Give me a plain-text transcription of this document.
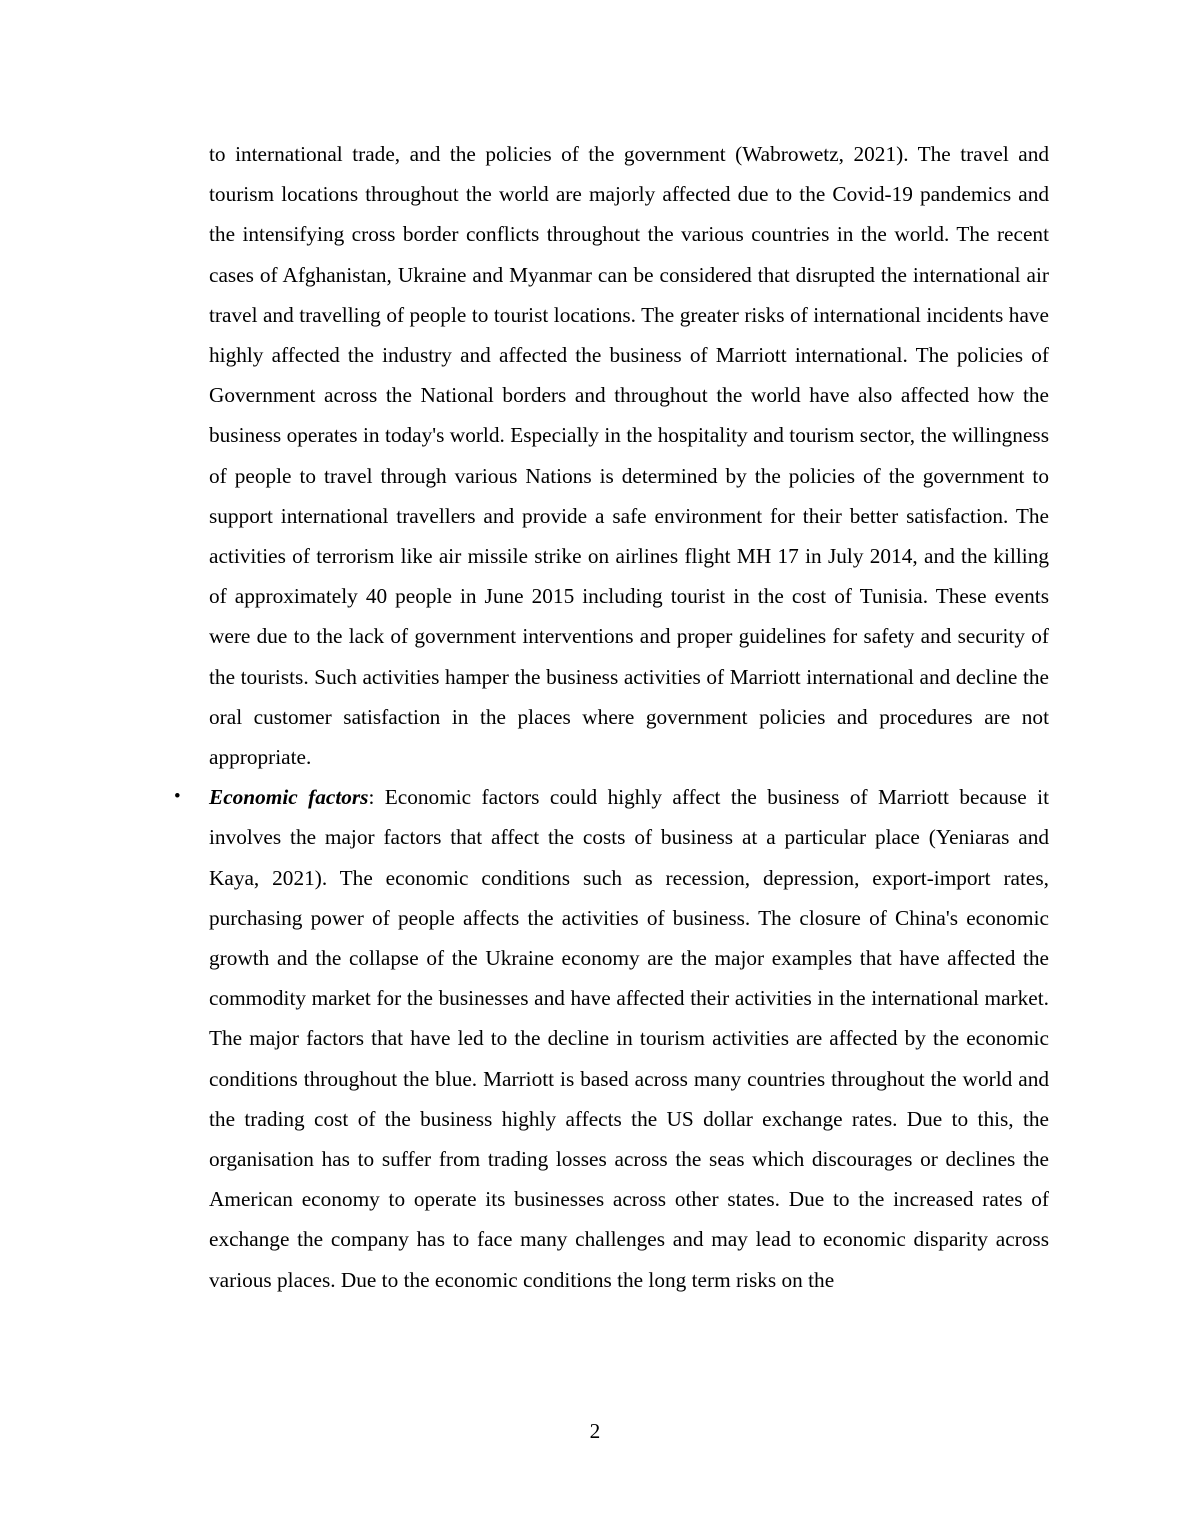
to international trade, and the policies of the government (Wabrowetz, 2021). The travel and tourism locations throughout the world are majorly affected due to the Covid-19 pandemics and the intensifying cross border conflicts throughout the various countries in the world. The recent cases of Afghanistan, Ukraine and Myanmar can be considered that disrupted the international air travel and travelling of people to tourist locations. The greater risks of international incidents have highly affected the industry and affected the business of Marriott international. The policies of Government across the National borders and throughout the world have also affected how the business operates in today's world. Especially in the hospitality and tourism sector, the willingness of people to travel through various Nations is determined by the policies of the government to support international travellers and provide a safe environment for their better satisfaction. The activities of terrorism like air missile strike on airlines flight MH 17 in July 2014, and the killing of approximately 40 people in June 2015 including tourist in the cost of Tunisia. These events were due to the lack of government interventions and proper guidelines for safety and security of the tourists. Such activities hamper the business activities of Marriott international and decline the oral customer satisfaction in the places where government policies and procedures are not appropriate.
• Economic factors: Economic factors could highly affect the business of Marriott because it involves the major factors that affect the costs of business at a particular place (Yeniaras and Kaya, 2021). The economic conditions such as recession, depression, export-import rates, purchasing power of people affects the activities of business. The closure of China's economic growth and the collapse of the Ukraine economy are the major examples that have affected the commodity market for the businesses and have affected their activities in the international market. The major factors that have led to the decline in tourism activities are affected by the economic conditions throughout the blue. Marriott is based across many countries throughout the world and the trading cost of the business highly affects the US dollar exchange rates. Due to this, the organisation has to suffer from trading losses across the seas which discourages or declines the American economy to operate its businesses across other states. Due to the increased rates of exchange the company has to face many challenges and may lead to economic disparity across various places. Due to the economic conditions the long term risks on the
2
